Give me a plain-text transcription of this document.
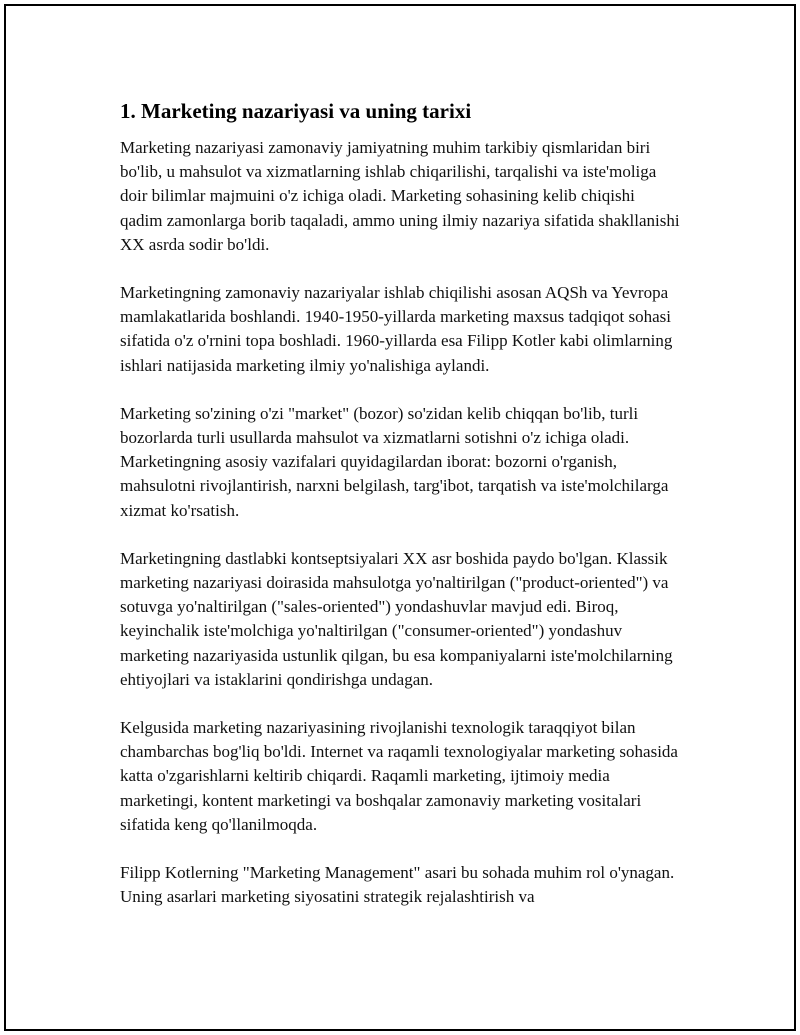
1. Marketing nazariyasi va uning tarixi

Marketing nazariyasi zamonaviy jamiyatning muhim tarkibiy qismlaridan biri bo'lib, u mahsulot va xizmatlarning ishlab chiqarilishi, tarqalishi va iste'moliga doir bilimlar majmuini o'z ichiga oladi. Marketing sohasining kelib chiqishi qadim zamonlarga borib taqaladi, ammo uning ilmiy nazariya sifatida shakllanishi XX asrda sodir bo'ldi.

Marketingning zamonaviy nazariyalar ishlab chiqilishi asosan AQSh va Yevropa mamlakatlarida boshlandi. 1940-1950-yillarda marketing maxsus tadqiqot sohasi sifatida o'z o'rnini topa boshladi. 1960-yillarda esa Filipp Kotler kabi olimlarning ishlari natijasida marketing ilmiy yo'nalishiga aylandi.

Marketing so'zining o'zi "market" (bozor) so'zidan kelib chiqqan bo'lib, turli bozorlarda turli usullarda mahsulot va xizmatlarni sotishni o'z ichiga oladi. Marketingning asosiy vazifalari quyidagilardan iborat: bozorni o'rganish, mahsulotni rivojlantirish, narxni belgilash, targ'ibot, tarqatish va iste'molchilarga xizmat ko'rsatish.

Marketingning dastlabki kontseptsiyalari XX asr boshida paydo bo'lgan. Klassik marketing nazariyasi doirasida mahsulotga yo'naltirilgan ("product-oriented") va sotuvga yo'naltirilgan ("sales-oriented") yondashuvlar mavjud edi. Biroq, keyinchalik iste'molchiga yo'naltirilgan ("consumer-oriented") yondashuv marketing nazariyasida ustunlik qilgan, bu esa kompaniyalarni iste'molchilarning ehtiyojlari va istaklarini qondirishga undagan.

Kelgusida marketing nazariyasining rivojlanishi texnologik taraqqiyot bilan chambarchas bog'liq bo'ldi. Internet va raqamli texnologiyalar marketing sohasida katta o'zgarishlarni keltirib chiqardi. Raqamli marketing, ijtimoiy media marketingi, kontent marketingi va boshqalar zamonaviy marketing vositalari sifatida keng qo'llanilmoqda.

Filipp Kotlerning "Marketing Management" asari bu sohada muhim rol o'ynagan. Uning asarlari marketing siyosatini strategik rejalashtirish va
